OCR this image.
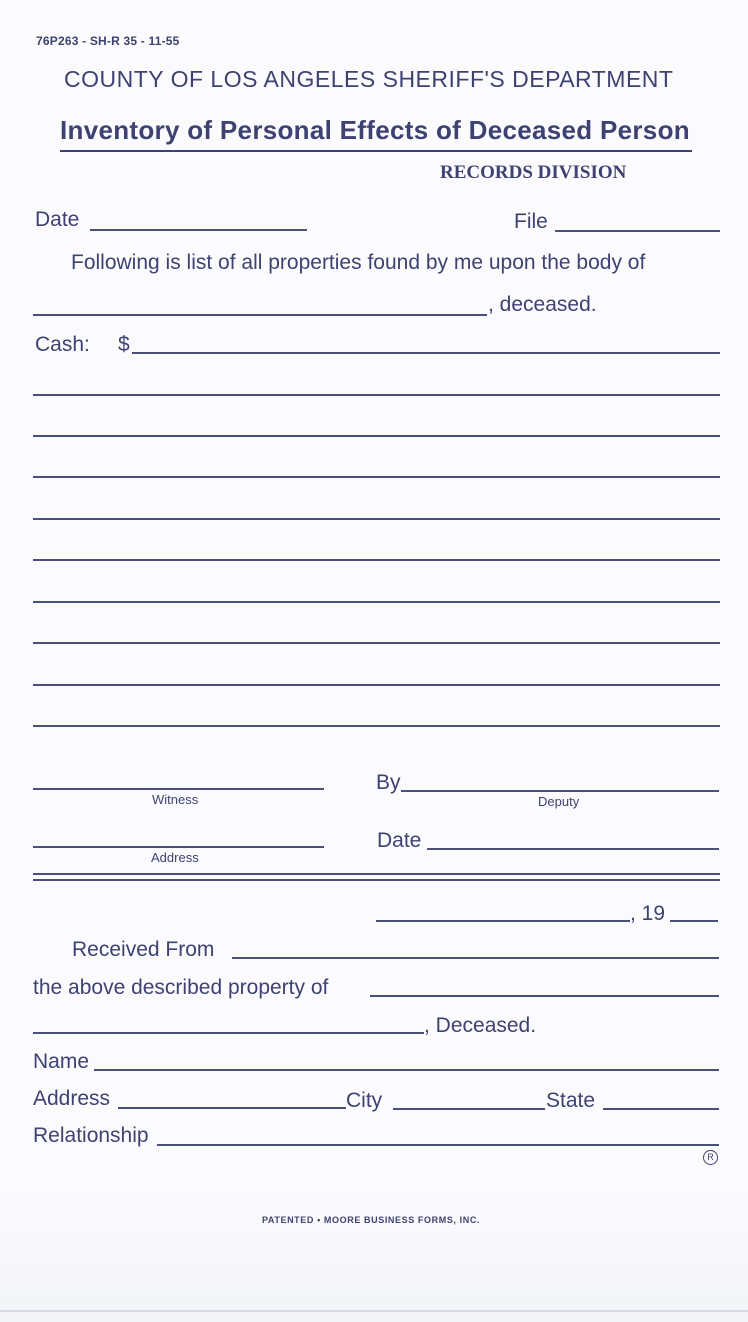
76P263 - SH-R 35 - 11-55
COUNTY OF LOS ANGELES SHERIFF'S DEPARTMENT
Inventory of Personal Effects of Deceased Person
RECORDS DIVISION
Date	File
Following is list of all properties found by me upon the body of
, deceased.
Cash: $
Witness
By
Deputy
Address
Date
, 19
Received From
the above described property of
, Deceased.
Name
Address	City	State
Relationship
R
PATENTED • MOORE BUSINESS FORMS, INC.
